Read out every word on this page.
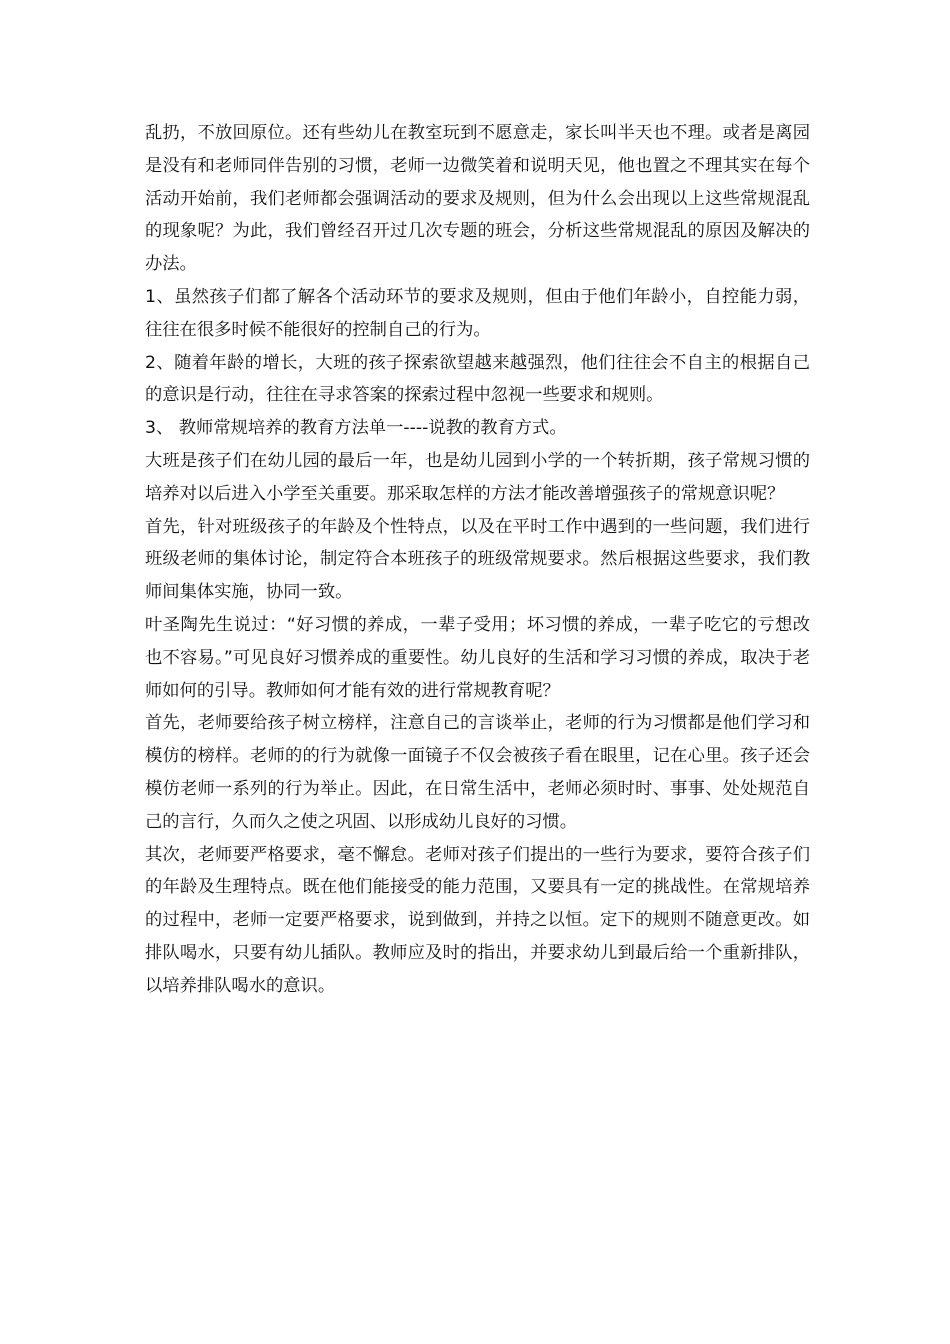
乱扔，不放回原位。还有些幼儿在教室玩到不愿意走，家长叫半天也不理。或者是离园是没有和老师同伴告别的习惯，老师一边微笑着和说明天见，他也置之不理其实在每个活动开始前，我们老师都会强调活动的要求及规则，但为什么会出现以上这些常规混乱的现象呢？为此，我们曾经召开过几次专题的班会，分析这些常规混乱的原因及解决的办法。

1、虽然孩子们都了解各个活动环节的要求及规则，但由于他们年龄小，自控能力弱，往往在很多时候不能很好的控制自己的行为。

2、随着年龄的增长，大班的孩子探索欲望越来越强烈，他们往往会不自主的根据自己的意识是行动，往往在寻求答案的探索过程中忽视一些要求和规则。

3、 教师常规培养的教育方法单一----说教的教育方式。

大班是孩子们在幼儿园的最后一年，也是幼儿园到小学的一个转折期，孩子常规习惯的培养对以后进入小学至关重要。那采取怎样的方法才能改善增强孩子的常规意识呢？

首先，针对班级孩子的年龄及个性特点，以及在平时工作中遇到的一些问题，我们进行班级老师的集体讨论，制定符合本班孩子的班级常规要求。然后根据这些要求，我们教师间集体实施，协同一致。

叶圣陶先生说过：“好习惯的养成，一辈子受用；坏习惯的养成，一辈子吃它的亏想改也不容易。”可见良好习惯养成的重要性。幼儿良好的生活和学习习惯的养成，取决于老师如何的引导。教师如何才能有效的进行常规教育呢？

首先，老师要给孩子树立榜样，注意自己的言谈举止，老师的行为习惯都是他们学习和模仿的榜样。老师的的行为就像一面镜子不仅会被孩子看在眼里，记在心里。孩子还会模仿老师一系列的行为举止。因此，在日常生活中，老师必须时时、事事、处处规范自己的言行，久而久之使之巩固、以形成幼儿良好的习惯。

其次，老师要严格要求，毫不懈怠。老师对孩子们提出的一些行为要求，要符合孩子们的年龄及生理特点。既在他们能接受的能力范围，又要具有一定的挑战性。在常规培养的过程中，老师一定要严格要求，说到做到，并持之以恒。定下的规则不随意更改。如排队喝水，只要有幼儿插队。教师应及时的指出，并要求幼儿到最后给一个重新排队，以培养排队喝水的意识。
